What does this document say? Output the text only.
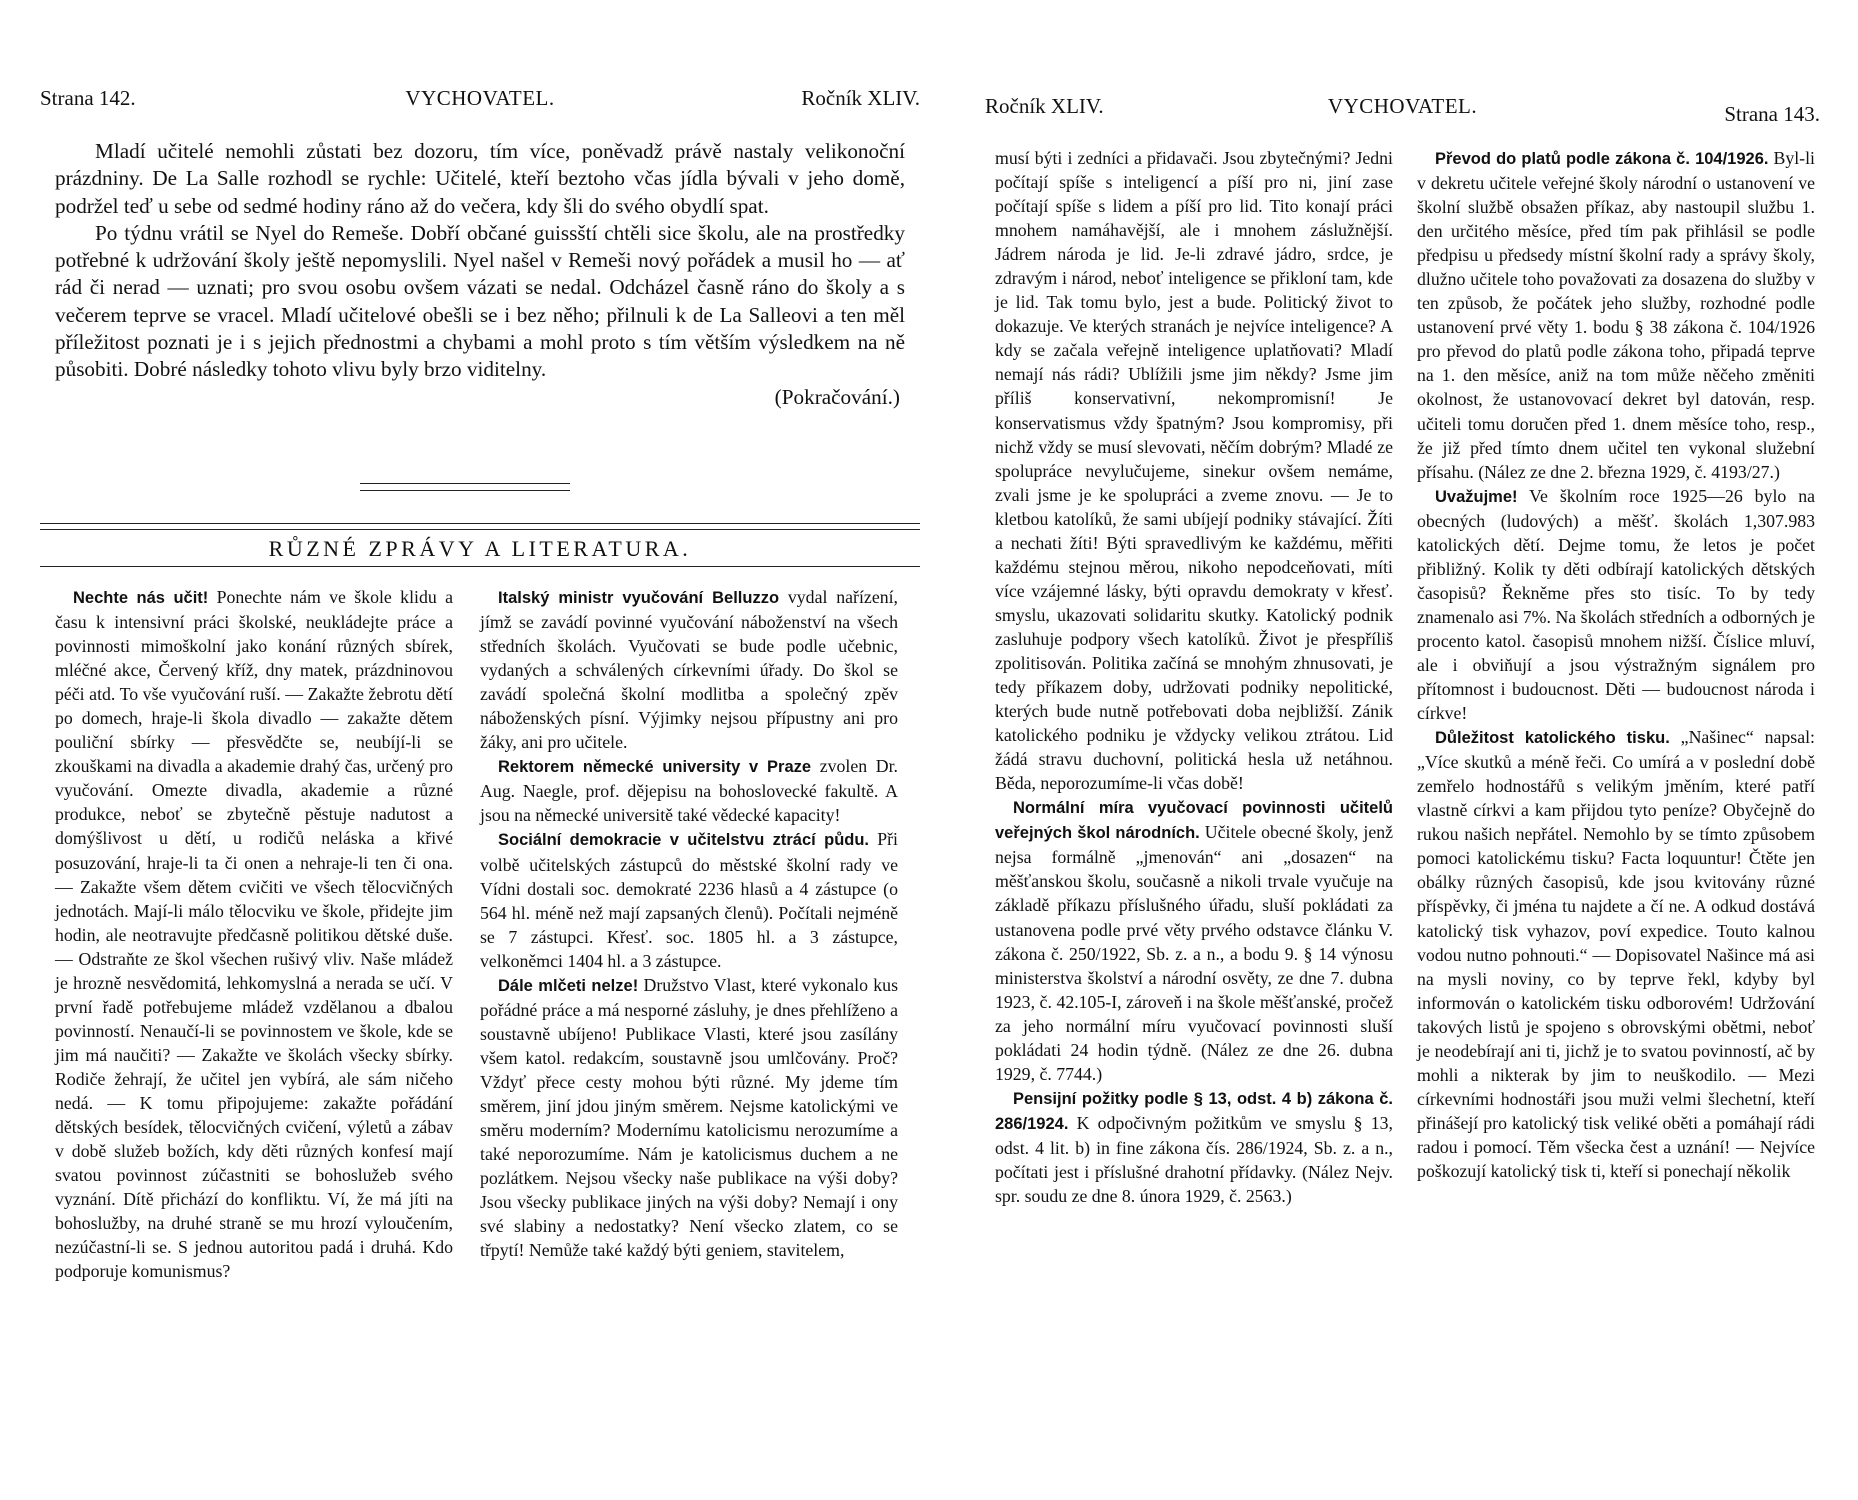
Strana 142.	VYCHOVATEL.	Ročník XLIV.

Mladí učitelé nemohli zůstati bez dozoru, tím více, poněvadž právě nastaly velikonoční prázdniny. De La Salle rozhodl se rychle: Učitelé, kteří beztoho včas jídla bývali v jeho domě, podržel teď u sebe od sedmé hodiny ráno až do večera, kdy šli do svého obydlí spat.

Po týdnu vrátil se Nyel do Remeše. Dobří občané guissští chtěli sice školu, ale na prostředky potřebné k udržování školy ještě nepomyslili. Nyel našel v Remeši nový pořádek a musil ho — ať rád či nerad — uznati; pro svou osobu ovšem vázati se nedal. Odcházel časně ráno do školy a s večerem teprve se vracel. Mladí učitelové obešli se i bez něho; přilnuli k de La Salleovi a ten měl příležitost poznati je i s jejich přednostmi a chybami a mohl proto s tím větším výsledkem na ně působiti. Dobré následky tohoto vlivu byly brzo viditelny.

(Pokračování.)

RŮZNÉ ZPRÁVY A LITERATURA.

Nechte nás učit! Ponechte nám ve škole klidu a času k intensivní práci školské, neukládejte práce a povinnosti mimoškolní jako konání různých sbírek, mléčné akce, Červený kříž, dny matek, prázdninovou péči atd. To vše vyučování ruší. — Zakažte žebrotu dětí po domech, hraje-li škola divadlo — zakažte dětem pouliční sbírky — přesvědčte se, neubíjí-li se zkouškami na divadla a akademie drahý čas, určený pro vyučování. Omezte divadla, akademie a různé produkce, neboť se zbytečně pěstuje nadutost a domýšlivost u dětí, u rodičů neláska a křivé posuzování, hraje-li ta či onen a nehraje-li ten či ona. — Zakažte všem dětem cvičiti ve všech tělocvičných jednotách. Mají-li málo tělocviku ve škole, přidejte jim hodin, ale neotravujte předčasně politikou dětské duše. — Odstraňte ze škol všechen rušivý vliv. Naše mládež je hrozně nesvědomitá, lehkomyslná a nerada se učí. V první řadě potřebujeme mládež vzdělanou a dbalou povinností. Nenaučí-li se povinnostem ve škole, kde se jim má naučiti? — Zakažte ve školách všecky sbírky. Rodiče žehrají, že učitel jen vybírá, ale sám ničeho nedá. — K tomu připojujeme: zakažte pořádání dětských besídek, tělocvičných cvičení, výletů a zábav v době služeb božích, kdy děti různých konfesí mají svatou povinnost zúčastniti se bohoslužeb svého vyznání. Dítě přichází do konfliktu. Ví, že má jíti na bohoslužby, na druhé straně se mu hrozí vyloučením, nezúčastní-li se. S jednou autoritou padá i druhá. Kdo podporuje komunismus?

Italský ministr vyučování Belluzzo vydal nařízení, jímž se zavádí povinné vyučování náboženství na všech středních školách. Vyučovati se bude podle učebnic, vydaných a schválených církevními úřady. Do škol se zavádí společná školní modlitba a společný zpěv náboženských písní. Výjimky nejsou přípustny ani pro žáky, ani pro učitele.

Rektorem německé university v Praze zvolen Dr. Aug. Naegle, prof. dějepisu na bohoslovecké fakultě. A jsou na německé universitě také vědecké kapacity!

Sociální demokracie v učitelstvu ztrácí půdu. Při volbě učitelských zástupců do městské školní rady ve Vídni dostali soc. demokraté 2236 hlasů a 4 zástupce (o 564 hl. méně než mají zapsaných členů). Počítali nejméně se 7 zástupci. Křesť. soc. 1805 hl. a 3 zástupce, velkoněmci 1404 hl. a 3 zástupce.

Dále mlčeti nelze! Družstvo Vlast, které vykonalo kus pořádné práce a má nesporné zásluhy, je dnes přehlíženo a soustavně ubíjeno! Publikace Vlasti, které jsou zasílány všem katol. redakcím, soustavně jsou umlčovány. Proč? Vždyť přece cesty mohou býti různé. My jdeme tím směrem, jiní jdou jiným směrem. Nejsme katolickými ve směru moderním? Modernímu katolicismu nerozumíme a také neporozumíme. Nám je katolicismus duchem a ne pozlátkem. Nejsou všecky naše publikace na výši doby? Jsou všecky publikace jiných na výši doby? Nemají i ony své slabiny a nedostatky? Není všecko zlatem, co se třpytí! Nemůže také každý býti geniem, stavitelem,

Ročník XLIV.	VYCHOVATEL.	Strana 143.

musí býti i zedníci a přidavači. Jsou zbytečnými? Jedni počítají spíše s inteligencí a píší pro ni, jiní zase počítají spíše s lidem a píší pro lid. Tito konají práci mnohem namáhavější, ale i mnohem záslužnější. Jádrem národa je lid. Je-li zdravé jádro, srdce, je zdravým i národ, neboť inteligence se přikloní tam, kde je lid. Tak tomu bylo, jest a bude. Politický život to dokazuje. Ve kterých stranách je nejvíce inteligence? A kdy se začala veřejně inteligence uplatňovati? Mladí nemají nás rádi? Ublížili jsme jim někdy? Jsme jim příliš konservativní, nekompromisní! Je konservatismus vždy špatným? Jsou kompromisy, při nichž vždy se musí slevovati, něčím dobrým? Mladé ze spolupráce nevylučujeme, sinekur ovšem nemáme, zvali jsme je ke spolupráci a zveme znovu. — Je to kletbou katolíků, že sami ubíjejí podniky stávající. Žíti a nechati žíti! Býti spravedlivým ke každému, měřiti každému stejnou měrou, nikoho nepodceňovati, míti více vzájemné lásky, býti opravdu demokraty v křesť. smyslu, ukazovati solidaritu skutky. Katolický podnik zasluhuje podpory všech katolíků. Život je přespříliš zpolitisován. Politika začíná se mnohým zhnusovati, je tedy příkazem doby, udržovati podniky nepolitické, kterých bude nutně potřebovati doba nejbližší. Zánik katolického podniku je vždycky velikou ztrátou. Lid žádá stravu duchovní, politická hesla už netáhnou. Běda, neporozumíme-li včas době!

Normální míra vyučovací povinnosti učitelů veřejných škol národních. Učitele obecné školy, jenž nejsa formálně „jmenován“ ani „dosazen“ na měšťanskou školu, současně a nikoli trvale vyučuje na základě příkazu příslušného úřadu, sluší pokládati za ustanovena podle prvé věty prvého odstavce článku V. zákona č. 250/1922, Sb. z. a n., a bodu 9. § 14 výnosu ministerstva školství a národní osvěty, ze dne 7. dubna 1923, č. 42.105-I, zároveň i na škole měšťanské, pročež za jeho normální míru vyučovací povinnosti sluší pokládati 24 hodin týdně. (Nález ze dne 26. dubna 1929, č. 7744.)

Pensijní požitky podle § 13, odst. 4 b) zákona č. 286/1924. K odpočivným požitkům ve smyslu § 13, odst. 4 lit. b) in fine zákona čís. 286/1924, Sb. z. a n., počítati jest i příslušné drahotní přídavky. (Nález Nejv. spr. soudu ze dne 8. února 1929, č. 2563.)

Převod do platů podle zákona č. 104/1926. Byl-li v dekretu učitele veřejné školy národní o ustanovení ve školní službě obsažen příkaz, aby nastoupil službu 1. den určitého měsíce, před tím pak přihlásil se podle předpisu u předsedy místní školní rady a správy školy, dlužno učitele toho považovati za dosazena do služby v ten způsob, že počátek jeho služby, rozhodné podle ustanovení prvé věty 1. bodu § 38 zákona č. 104/1926 pro převod do platů podle zákona toho, připadá teprve na 1. den měsíce, aniž na tom může něčeho změniti okolnost, že ustanovovací dekret byl datován, resp. učiteli tomu doručen před 1. dnem měsíce toho, resp., že již před tímto dnem učitel ten vykonal služební přísahu. (Nález ze dne 2. března 1929, č. 4193/27.)

Uvažujme! Ve školním roce 1925—26 bylo na obecných (ludových) a měšť. školách 1,307.983 katolických dětí. Dejme tomu, že letos je počet přibližný. Kolik ty děti odbírají katolických dětských časopisů? Řekněme přes sto tisíc. To by tedy znamenalo asi 7%. Na školách středních a odborných je procento katol. časopisů mnohem nižší. Číslice mluví, ale i obviňují a jsou výstražným signálem pro přítomnost i budoucnost. Děti — budoucnost národa i církve!

Důležitost katolického tisku. „Našinec“ napsal: „Více skutků a méně řeči. Co umírá a v poslední době zemřelo hodnostářů s velikým jměním, které patří vlastně církvi a kam přijdou tyto peníze? Obyčejně do rukou našich nepřátel. Nemohlo by se tímto způsobem pomoci katolickému tisku? Facta loquuntur! Čtěte jen obálky různých časopisů, kde jsou kvitovány různé příspěvky, či jména tu najdete a čí ne. A odkud dostává katolický tisk vyhazov, poví expedice. Toutо kalnou vodou nutno pohnouti.“ — Dopisovatel Našince má asi na mysli noviny, co by teprve řekl, kdyby byl informován o katolickém tisku odborovém! Udržování takových listů je spojeno s obrovskými obětmi, neboť je neodebírají ani ti, jichž je to svatou povinností, ač by mohli a nikterak by jim to neuškodilo. — Mezi církevními hodnostáři jsou muži velmi šlechetní, kteří přinášejí pro katolický tisk veliké oběti a pomáhají rádi radou i pomocí. Těm všecka čest a uznání! — Nejvíce poškozují katolický tisk ti, kteří si ponechají několik
